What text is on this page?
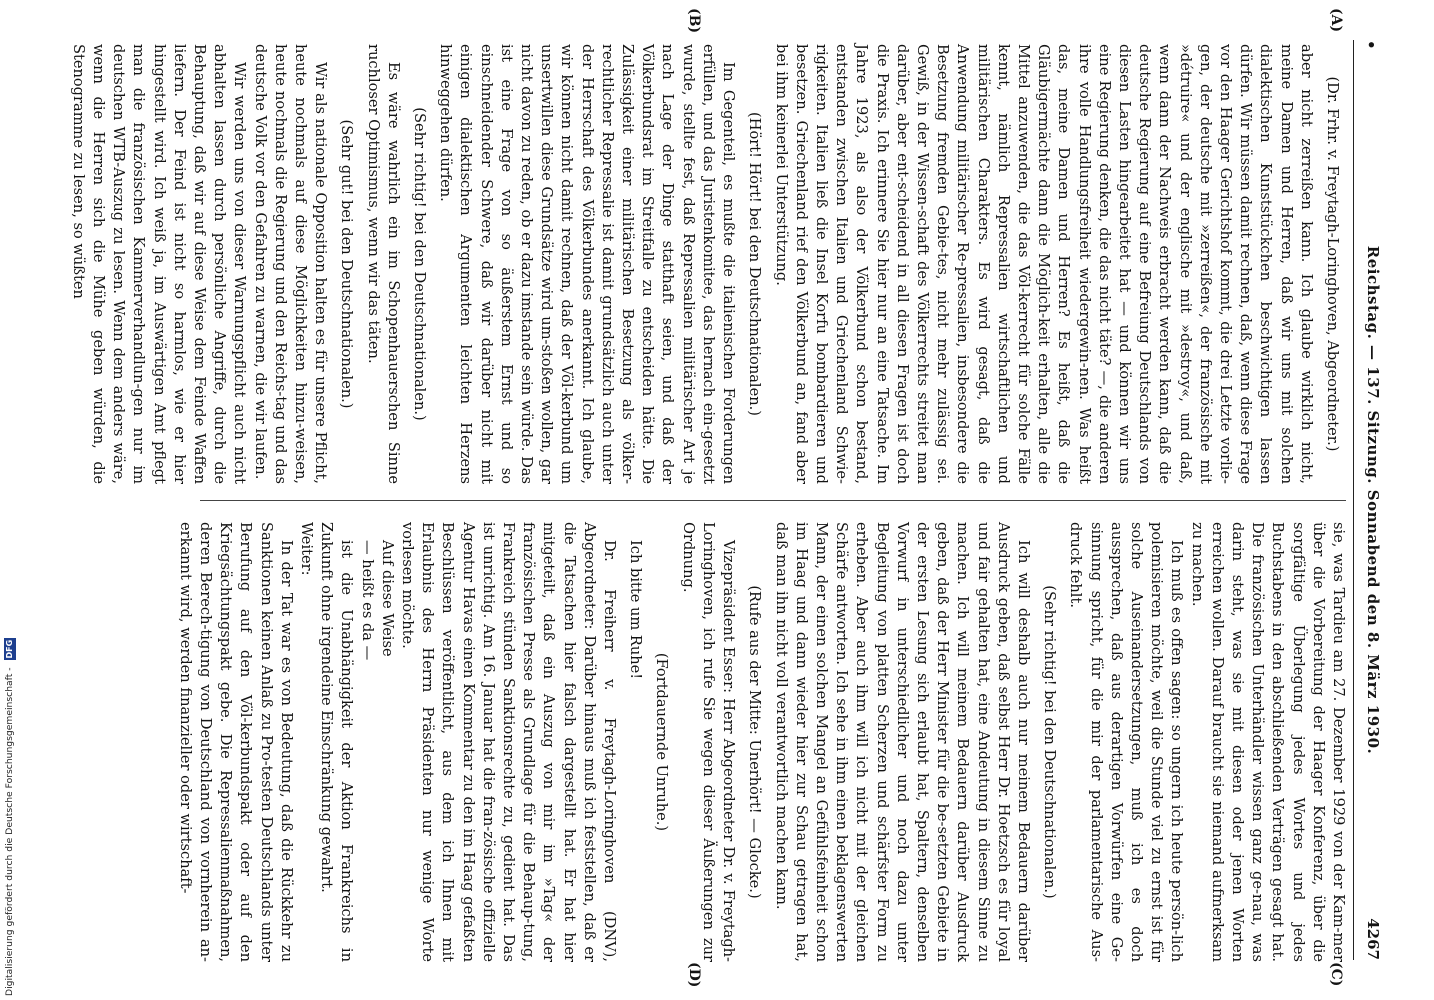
Digitalisierung gefördert durch die Deutsche Forschungsgemeinschaft - DFG
•
Reichstag. — 137. Sitzung. Sonnabend den 8. März 1930.
4267
(A)
(B)
(C)
(D)

(Dr. Frhr. v. Freytagh-Loringhoven, Abgeordneter.)

aber nicht zerreißen kann. Ich glaube wirklich nicht, meine Damen und Herren, daß wir uns mit solchen dialektischen Kunststückchen beschwichtigen lassen dürfen. Wir müssen damit rechnen, daß, wenn diese Frage vor den Haager Gerichtshof kommt, die drei Letzte vorlie-gen, der deutsche mit »zerreißen«, der französische mit »détruire« und der englische mit »destroy«, und daß, wenn dann der Nachweis erbracht werden kann, daß die deutsche Regierung auf eine Befreiung Deutschlands von diesen Lasten hingearbeitet hat — und können wir uns eine Regierung denken, die das nicht täte? —, die anderen ihre volle Handlungsfreiheit wiedergewin-nen. Was heißt das, meine Damen und Herren? Es heißt, daß die Gläubigermächte dann die Möglich-keit erhalten, alle die Mittel anzuwenden, die das Völ-kerrecht für solche Fälle kennt, nämlich Repressalien wirtschaftlichen und militärischen Charakters. Es wird gesagt, daß die Anwendung militärischer Re-pressalien, insbesondere die Besetzung fremden Gebie-tes, nicht mehr zulässig sei. Gewiß, in der Wissen-schaft des Völkerrechts streitet man darüber, aber ent-scheidend in all diesen Fragen ist doch die Praxis. Ich erinnere Sie hier nur an eine Tatsache. Im Jahre 1923, als also der Völkerbund schon bestand, entstanden zwischen Italien und Griechenland Schwie-rigkeiten. Italien ließ die Insel Korfu bombardieren und besetzen. Griechenland rief den Völkerbund an, fand aber bei ihm keinerlei Unterstützung.

(Hört! Hört! bei den Deutschnationalen.)

Im Gegenteil, es mußte die italienischen Forderungen erfüllen, und das Juristenkomitee, das hernach ein-gesetzt wurde, stellte fest, daß Repressalien militärischer Art je nach Lage der Dinge statthaft seien, und daß der Völkerbundsrat im Streitfalle zu entscheiden hätte. Die Zulässigkeit einer militärischen Besetzung als völker-rechtlicher Repressalie ist damit grundsätzlich auch unter der Herrschaft des Völkerbundes anerkannt. Ich glaube, wir können nicht damit rechnen, daß der Völ-kerbund um unsertwillen diese Grundsätze wird um-stoßen wollen, gar nicht davon zu reden, ob er dazu imstande sein würde. Das ist eine Frage von so äußerstem Ernst und so einschneidender Schwere, daß wir darüber nicht mit einigen dialektischen Argumenten leichten Herzens hinweggehen dürfen.

(Sehr richtig! bei den Deutschnationalen.)

Es wäre wahrlich ein im Schopenhauerschen Sinne ruchloser Optimismus, wenn wir das täten.

(Sehr gut! bei den Deutschnationalen.)

Wir als nationale Opposition halten es für unsere Pflicht, heute nochmals auf diese Möglichkeiten hinzu-weisen, heute nochmals die Regierung und den Reichs-tag und das deutsche Volk vor den Gefahren zu warnen, die wir laufen.

Wir werden uns von dieser Warnungspflicht auch nicht abhalten lassen durch persönliche Angriffe, durch die Behauptung, daß wir auf diese Weise dem Feinde Waffen liefern. Der Feind ist nicht so harmlos, wie er hier hingestellt wird. Ich weiß ja, im Auswärtigen Amt pflegt man die französischen Kammerverhandlun-gen nur im deutschen WTB-Auszug zu lesen. Wenn dem anders wäre, wenn die Herren sich die Mühe geben würden, die Stenogramme zu lesen, so wüßten

sie, was Tardieu am 27. Dezember 1929 von der Kam-mer über die Vorbereitung der Haager Konferenz, über die sorgfältige Überlegung jedes Wortes und jedes Buchstabens in den abschließenden Verträgen gesagt hat. Die französischen Unterhändler wissen ganz ge-nau, was darin steht, was sie mit diesen oder jenen Worten erreichen wollen. Darauf braucht sie niemand aufmerksam zu machen.

Ich muß es offen sagen: so ungern ich heute persön-lich polemisieren möchte, weil die Stunde viel zu ernst ist für solche Auseinandersetzungen, muß ich es doch aussprechen, daß aus derartigen Vorwürfen eine Ge-sinnung spricht, für die mir der parlamentarische Aus-druck fehlt.

(Sehr richtig! bei den Deutschnationalen.)

Ich will deshalb auch nur meinem Bedauern darüber Ausdruck geben, daß selbst Herr Dr. Hoetzsch es für loyal und fair gehalten hat, eine Andeutung in diesem Sinne zu machen. Ich will meinem Bedauern darüber Ausdruck geben, daß der Herr Minister für die be-setzten Gebiete in der ersten Lesung sich erlaubt hat, Spaltern, denselben Vorwurf in unterschiedlicher und noch dazu unter Begleitung von platten Scherzen und schärfster Form zu erheben. Aber auch ihm will ich nicht mit der gleichen Schärfe antworten. Ich sehe in ihm einen beklagenswerten Mann, der einen solchen Mangel an Gefühlsfeinheit schon im Haag und dann wieder hier zur Schau getragen hat, daß man ihn nicht voll verantwortlich machen kann.

(Rufe aus der Mitte: Unerhört! — Glocke.)

Vizepräsident Esser: Herr Abgeordneter Dr. v. Freytagh-Loringhoven, ich rufe Sie wegen dieser Äußerungen zur Ordnung.

(Fortdauernde Unruhe.)

Ich bitte um Ruhe!

Dr. Freiherr v. Freytagh-Loringhoven (DNV), Abgeordneter: Darüber hinaus muß ich feststellen, daß er die Tatsachen hier falsch dargestellt hat. Er hat hier mitgeteilt, daß ein Auszug von mir im »Tag« der französischen Presse als Grundlage für die Behaup-tung, Frankreich stünden Sanktionsrechte zu, gedient hat. Das ist unrichtig. Am 16. Januar hat die fran-zösische offizielle Agentur Havas einen Kommentar zu den im Haag gefaßten Beschlüssen veröffentlicht, aus dem ich Ihnen mit Erlaubnis des Herrn Präsidenten nur wenige Worte vorlesen möchte.

Auf diese Weise

— heißt es da —

ist die Unabhängigkeit der Aktion Frankreichs in Zukunft ohne irgendeine Einschränkung gewahrt.

Weiter:

In der Tat war es von Bedeutung, daß die Rückkehr zu Sanktionen keinen Anlaß zu Pro-testen Deutschlands unter Berufung auf den Völ-kerbundspakt oder auf den Kriegsächtungspakt gebe. Die Repressalienmaßnahmen, deren Berech-tigung von Deutschland von vornherein an-erkannt wird, werden finanzieller oder wirtschaft-
